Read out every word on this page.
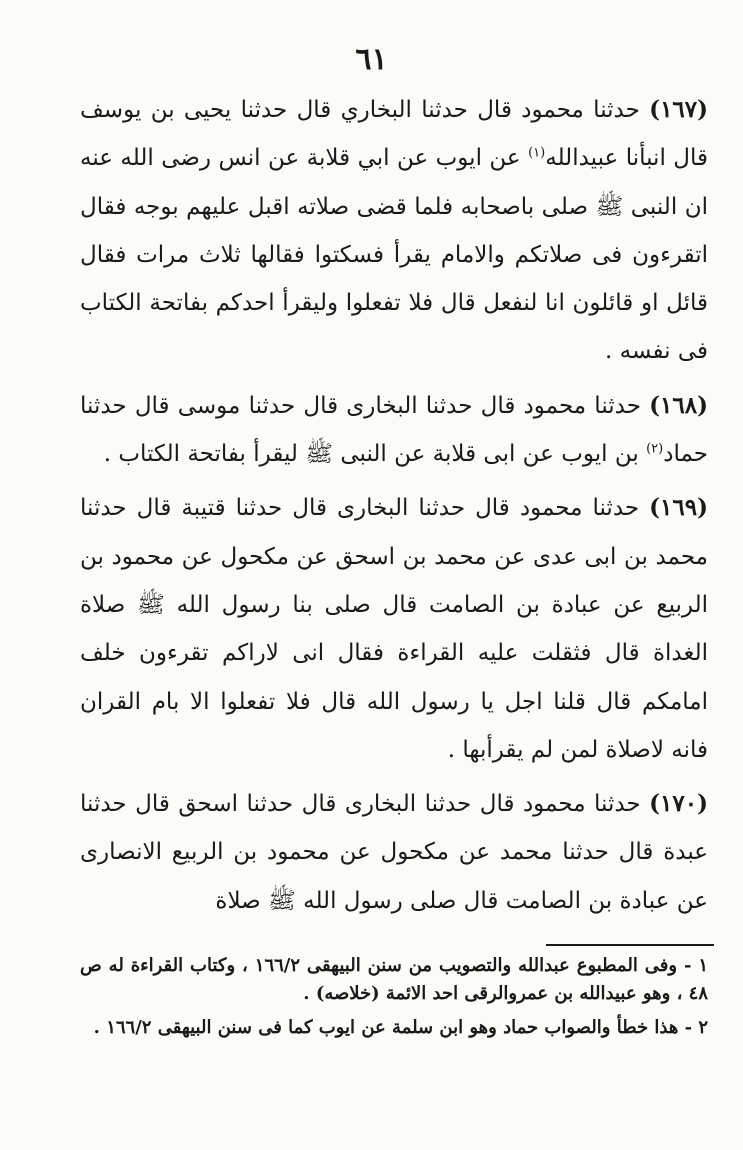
٦١

(١٦٧) حدثنا محمود قال حدثنا البخاري قال حدثنا يحيى بن يوسف قال انبأنا عبيدالله$^{(١)}$ عن ايوب عن ابي قلابة عن انس رضى الله عنه ان النبى ﷺ صلى باصحابه فلما قضى صلاته اقبل عليهم بوجه فقال اتقرءون فى صلاتكم والامام يقرأ فسكتوا فقالها ثلاث مرات فقال قائل او قائلون انا لنفعل قال فلا تفعلوا وليقرأ احدكم بفاتحة الكتاب فى نفسه .

(١٦٨) حدثنا محمود قال حدثنا البخارى قال حدثنا موسى قال حدثنا حماد$^{(٢)}$ بن ايوب عن ابى قلابة عن النبى ﷺ ليقرأ بفاتحة الكتاب .

(١٦٩) حدثنا محمود قال حدثنا البخارى قال حدثنا قتيبة قال حدثنا محمد بن ابى عدى عن محمد بن اسحق عن مكحول عن محمود بن الربيع عن عبادة بن الصامت قال صلى بنا رسول الله ﷺ صلاة الغداة قال فثقلت عليه القراءة فقال انى لاراكم تقرءون خلف امامكم قال قلنا اجل يا رسول الله قال فلا تفعلوا الا بام القران فانه لاصلاة لمن لم يقرأبها .

(١٧٠) حدثنا محمود قال حدثنا البخارى قال حدثنا اسحق قال حدثنا عبدة قال حدثنا محمد عن مكحول عن محمود بن الربيع الانصارى عن عبادة بن الصامت قال صلى رسول الله ﷺ صلاة

١ - وفى المطبوع عبدالله والتصويب من سنن البيهقى ١٦٦/٢ ، وكتاب القراءة له ص ٤٨ ، وهو عبيدالله بن عمروالرقى احد الائمة (خلاصه) .

٢ - هذا خطأ والصواب حماد وهو ابن سلمة عن ايوب كما فى سنن البيهقى ١٦٦/٢ .
